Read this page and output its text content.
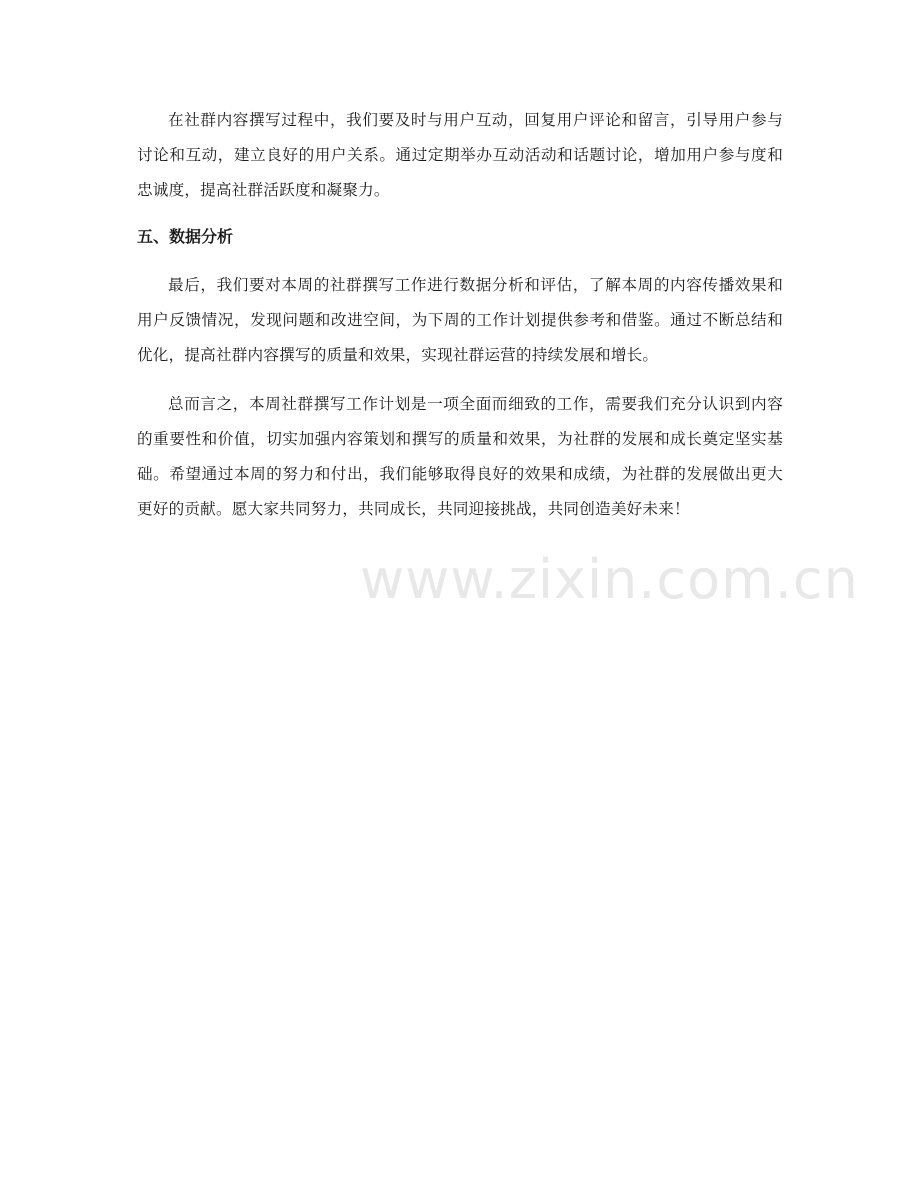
在社群内容撰写过程中，我们要及时与用户互动，回复用户评论和留言，引导用户参与讨论和互动，建立良好的用户关系。通过定期举办互动活动和话题讨论，增加用户参与度和忠诚度，提高社群活跃度和凝聚力。

五、数据分析

最后，我们要对本周的社群撰写工作进行数据分析和评估，了解本周的内容传播效果和用户反馈情况，发现问题和改进空间，为下周的工作计划提供参考和借鉴。通过不断总结和优化，提高社群内容撰写的质量和效果，实现社群运营的持续发展和增长。

总而言之，本周社群撰写工作计划是一项全面而细致的工作，需要我们充分认识到内容的重要性和价值，切实加强内容策划和撰写的质量和效果，为社群的发展和成长奠定坚实基础。希望通过本周的努力和付出，我们能够取得良好的效果和成绩，为社群的发展做出更大更好的贡献。愿大家共同努力，共同成长，共同迎接挑战，共同创造美好未来！

www.zixin.com.cn
